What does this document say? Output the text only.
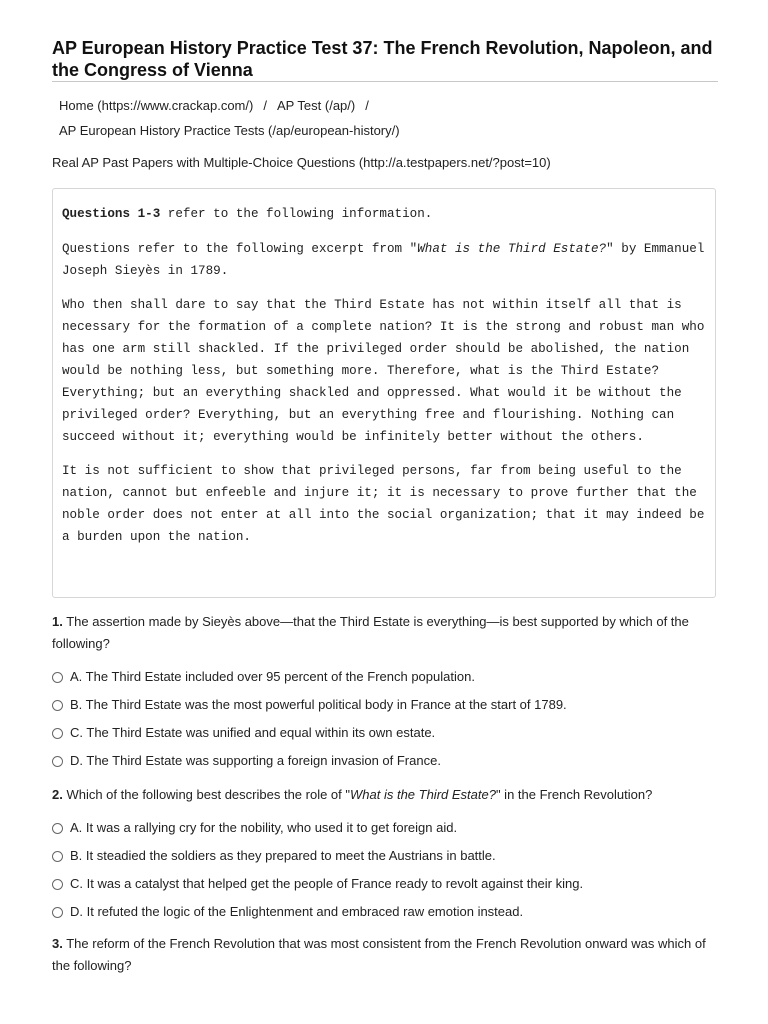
AP European History Practice Test 37: The French Revolution, Napoleon, and the Congress of Vienna
Home (https://www.crackap.com/) / AP Test (/ap/) /
AP European History Practice Tests (/ap/european-history/)
Real AP Past Papers with Multiple-Choice Questions (http://a.testpapers.net/?post=10)

Questions 1-3 refer to the following information.

Questions refer to the following excerpt from "What is the Third Estate?" by Emmanuel Joseph Sieyès in 1789.

Who then shall dare to say that the Third Estate has not within itself all that is necessary for the formation of a complete nation? It is the strong and robust man who has one arm still shackled. If the privileged order should be abolished, the nation would be nothing less, but something more. Therefore, what is the Third Estate? Everything; but an everything shackled and oppressed. What would it be without the privileged order? Everything, but an everything free and flourishing. Nothing can succeed without it; everything would be infinitely better without the others.

It is not sufficient to show that privileged persons, far from being useful to the nation, cannot but enfeeble and injure it; it is necessary to prove further that the noble order does not enter at all into the social organization; that it may indeed be a burden upon the nation.

1. The assertion made by Sieyès above—that the Third Estate is everything—is best supported by which of the following?
A. The Third Estate included over 95 percent of the French population.
B. The Third Estate was the most powerful political body in France at the start of 1789.
C. The Third Estate was unified and equal within its own estate.
D. The Third Estate was supporting a foreign invasion of France.
2. Which of the following best describes the role of "What is the Third Estate?" in the French Revolution?
A. It was a rallying cry for the nobility, who used it to get foreign aid.
B. It steadied the soldiers as they prepared to meet the Austrians in battle.
C. It was a catalyst that helped get the people of France ready to revolt against their king.
D. It refuted the logic of the Enlightenment and embraced raw emotion instead.
3. The reform of the French Revolution that was most consistent from the French Revolution onward was which of the following?
